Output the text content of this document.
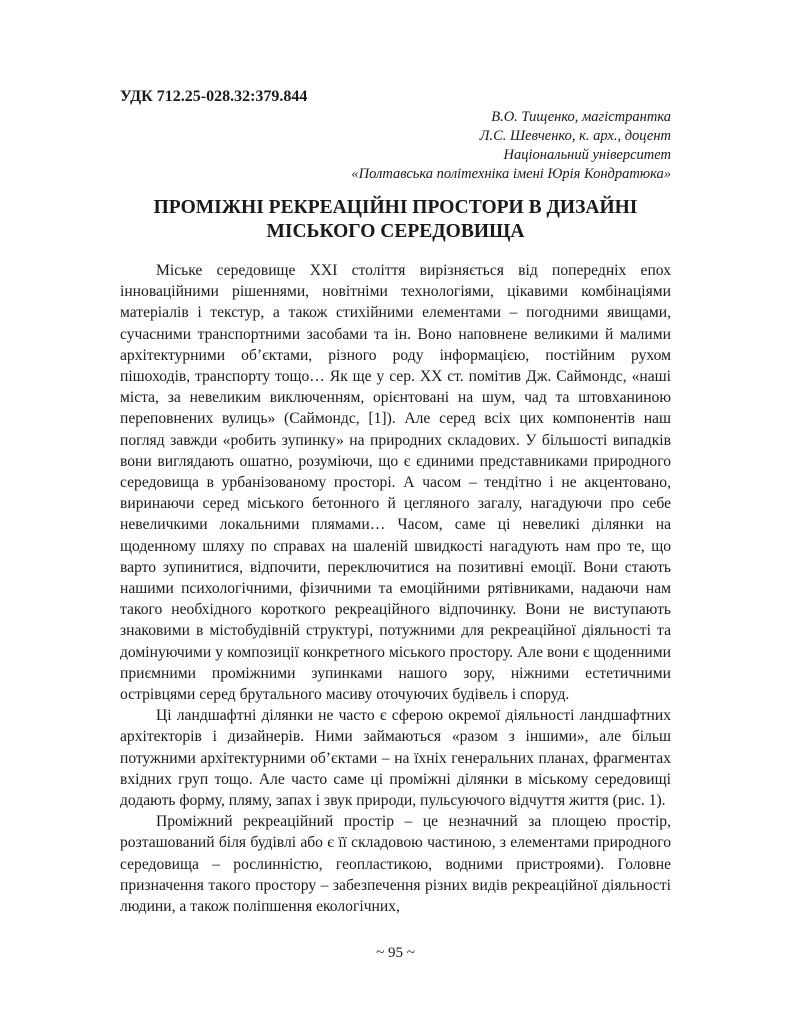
УДК 712.25-028.32:379.844
В.О. Тищенко, магістрантка
Л.С. Шевченко, к. арх., доцент
Національний університет
«Полтавська політехніка імені Юрія Кондратюка»
ПРОМІЖНІ РЕКРЕАЦІЙНІ ПРОСТОРИ В ДИЗАЙНІ
МІСЬКОГО СЕРЕДОВИЩА

Міське середовище XXI століття вирізняється від попередніх епох інноваційними рішеннями, новітніми технологіями, цікавими комбінаціями матеріалів і текстур, а також стихійними елементами – погодними явищами, сучасними транспортними засобами та ін. Воно наповнене великими й малими архітектурними об’єктами, різного роду інформацією, постійним рухом пішоходів, транспорту тощо… Як ще у сер. XX ст. помітив Дж. Саймондс, «наші міста, за невеликим виключенням, орієнтовані на шум, чад та штовханиною переповнених вулиць» (Саймондс, [1]). Але серед всіх цих компонентів наш погляд завжди «робить зупинку» на природних складових. У більшості випадків вони виглядають ошатно, розуміючи, що є єдиними представниками природного середовища в урбанізованому просторі. А часом – тендітно і не акцентовано, виринаючи серед міського бетонного й цегляного загалу, нагадуючи про себе невеличкими локальними плямами… Часом, саме ці невеликі ділянки на щоденному шляху по справах на шаленій швидкості нагадують нам про те, що варто зупинитися, відпочити, переключитися на позитивні емоції. Вони стають нашими психологічними, фізичними та емоційними рятівниками, надаючи нам такого необхідного короткого рекреаційного відпочинку. Вони не виступають знаковими в містобудівній структурі, потужними для рекреаційної діяльності та домінуючими у композиції конкретного міського простору. Але вони є щоденними приємними проміжними зупинками нашого зору, ніжними естетичними острівцями серед брутального масиву оточуючих будівель і споруд.

Ці ландшафтні ділянки не часто є сферою окремої діяльності ландшафтних архітекторів і дизайнерів. Ними займаються «разом з іншими», але більш потужними архітектурними об’єктами – на їхніх генеральних планах, фрагментах вхідних груп тощо. Але часто саме ці проміжні ділянки в міському середовищі додають форму, пляму, запах і звук природи, пульсуючого відчуття життя (рис. 1).

Проміжний рекреаційний простір – це незначний за площею простір, розташований біля будівлі або є її складовою частиною, з елементами природного середовища – рослинністю, геопластикою, водними пристроями). Головне призначення такого простору – забезпечення різних видів рекреаційної діяльності людини, а також поліпшення екологічних,

~ 95 ~
